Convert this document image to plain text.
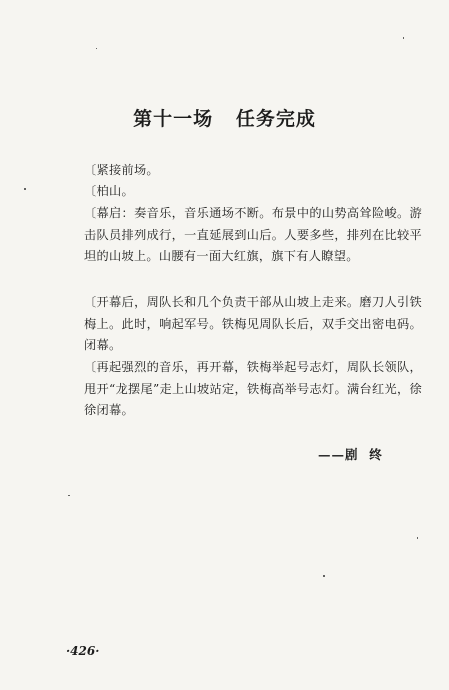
第十一场   任务完成
〔紧接前场。
〔柏山。
〔幕启：奏音乐，音乐通场不断。布景中的山势高耸险峻。游击队员排列成行，一直延展到山后。人要多些，排列在比较平坦的山坡上。山腰有一面大红旗，旗下有人瞭望。
〔开幕后，周队长和几个负责干部从山坡上走来。磨刀人引铁梅上。此时，响起军号。铁梅见周队长后，双手交出密电码。闭幕。
〔再起强烈的音乐，再开幕，铁梅举起号志灯，周队长领队，甩开“龙摆尾”走上山坡站定，铁梅高举号志灯。满台红光，徐徐闭幕。
——剧  终
·426·
